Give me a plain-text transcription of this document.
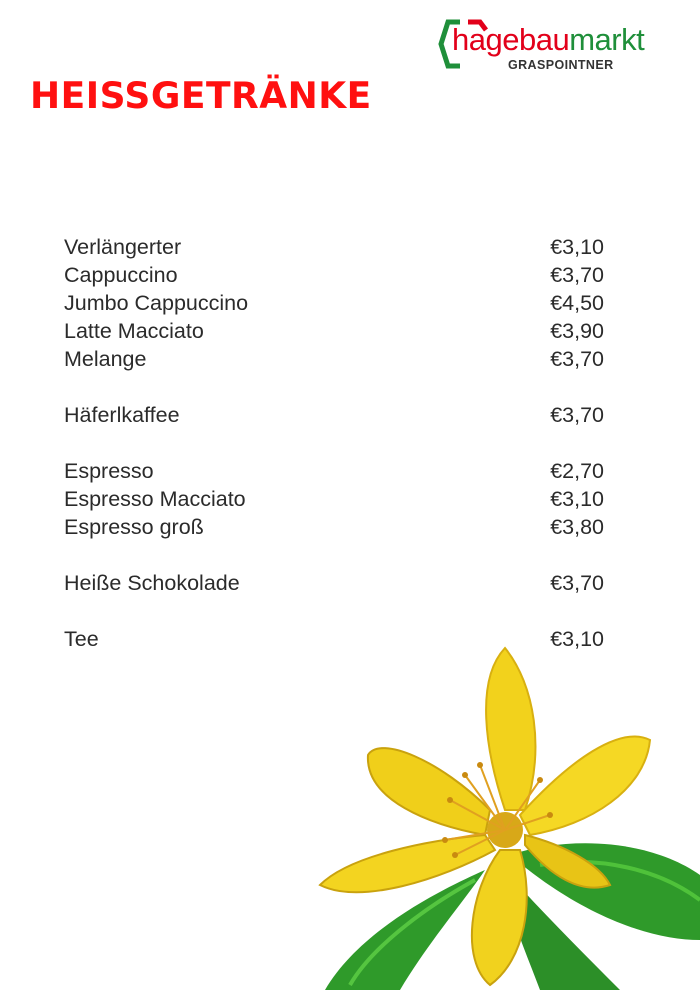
hagebaumarkt
GRASPOINTNER
HEISSGETRÄNKE
Verlängerter	€3,10
Cappuccino	€3,70
Jumbo Cappuccino	€4,50
Latte Macciato	€3,90
Melange	€3,70
Häferlkaffee	€3,70
Espresso	€2,70
Espresso Macciato	€3,10
Espresso groß	€3,80
Heiße Schokolade	€3,70
Tee	€3,10
